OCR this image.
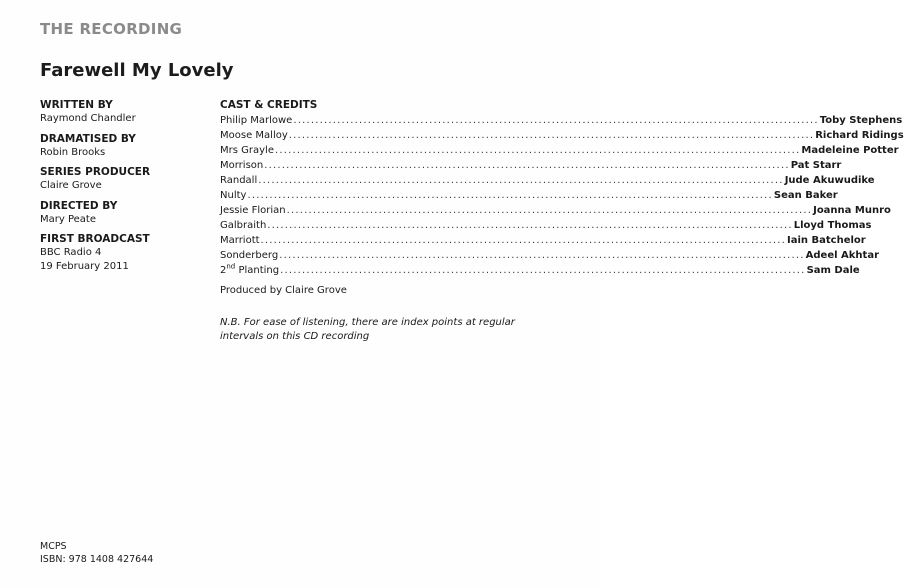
THE RECORDING
Farewell My Lovely
WRITTEN BY
Raymond Chandler
DRAMATISED BY
Robin Brooks
SERIES PRODUCER
Claire Grove
DIRECTED BY
Mary Peate
FIRST BROADCAST
BBC Radio 4
19 February 2011
CAST & CREDITS
Philip Marlowe ........................................................................................................................ Toby Stephens
Moose Malloy ........................................................................................................................ Richard Ridings
Mrs Grayle ........................................................................................................................ Madeleine Potter
Morrison ........................................................................................................................ Pat Starr
Randall ........................................................................................................................ Jude Akuwudike
Nulty ........................................................................................................................ Sean Baker
Jessie Florian ........................................................................................................................ Joanna Munro
Galbraith ........................................................................................................................ Lloyd Thomas
Marriott ........................................................................................................................ Iain Batchelor
Sonderberg ........................................................................................................................ Adeel Akhtar
2nd Planting ........................................................................................................................ Sam Dale
Produced by Claire Grove
N.B. For ease of listening, there are index points at regular intervals on this CD recording
MCPS
ISBN: 978 1408 427644
